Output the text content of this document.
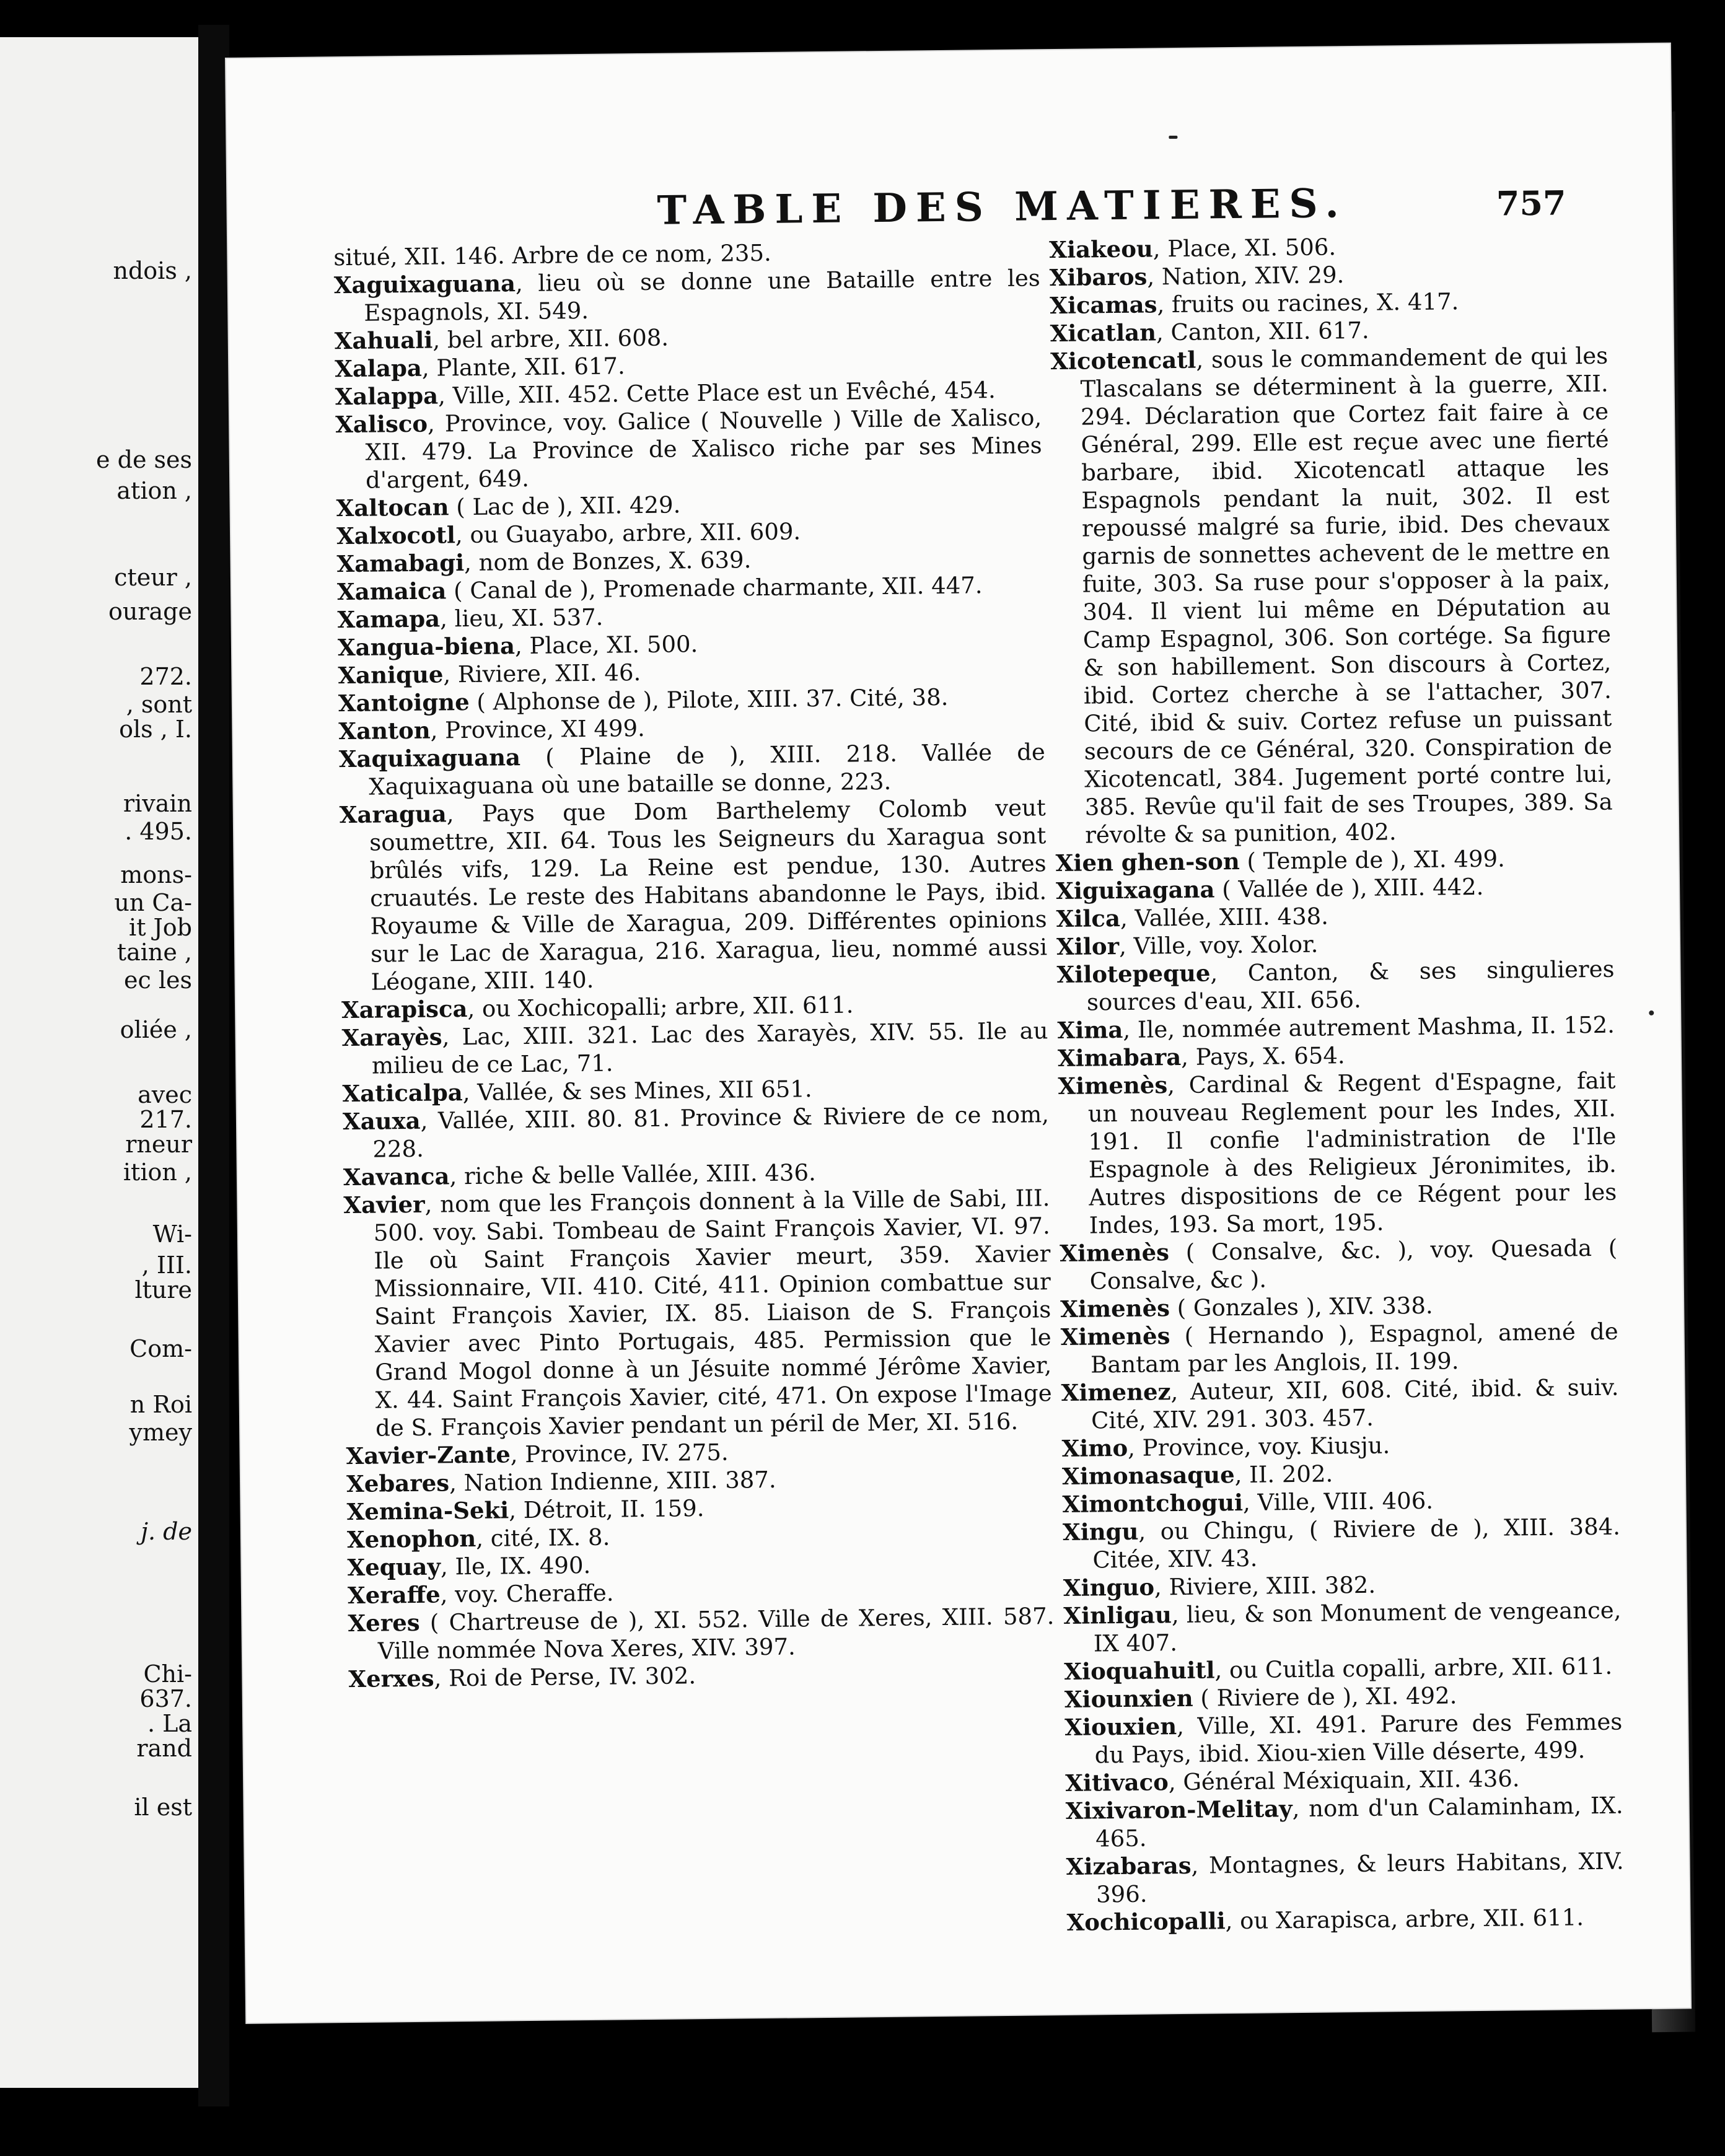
ndois ,
e de ses
ation ,
cteur ,
ourage
272.
, sont
ols , I.
rivain
. 495.
mons-
un Ca-
it Job
taine ,
ec les
oliée ,
avec
217.
rneur
ition ,
Wi-
, III.
lture
Com-
n Roi
ymey
j. de
Chi-
637.
. La
rand
il est
TABLE DES MATIERES.	757

situé, XII. 146. Arbre de ce nom, 235.

Xaguixaguana, lieu où se donne une Bataille entre les Espagnols, XI. 549.

Xahuali, bel arbre, XII. 608.

Xalapa, Plante, XII. 617.

Xalappa, Ville, XII. 452. Cette Place est un Evêché, 454.

Xalisco, Province, voy. Galice ( Nouvelle ) Ville de Xalisco, XII. 479. La Province de Xalisco riche par ses Mines d'argent, 649.

Xaltocan ( Lac de ), XII. 429.

Xalxocotl, ou Guayabo, arbre, XII. 609.

Xamabagi, nom de Bonzes, X. 639.

Xamaica ( Canal de ), Promenade charmante, XII. 447.

Xamapa, lieu, XI. 537.

Xangua-biena, Place, XI. 500.

Xanique, Riviere, XII. 46.

Xantoigne ( Alphonse de ), Pilote, XIII. 37. Cité, 38.

Xanton, Province, XI 499.

Xaquixaguana ( Plaine de ), XIII. 218. Vallée de Xaquixaguana où une bataille se donne, 223.

Xaragua, Pays que Dom Barthelemy Colomb veut soumettre, XII. 64. Tous les Seigneurs du Xaragua sont brûlés vifs, 129. La Reine est pendue, 130. Autres cruautés. Le reste des Habitans abandonne le Pays, ibid. Royaume & Ville de Xaragua, 209. Différentes opinions sur le Lac de Xaragua, 216. Xaragua, lieu, nommé aussi Léogane, XIII. 140.

Xarapisca, ou Xochicopalli; arbre, XII. 611.

Xarayès, Lac, XIII. 321. Lac des Xarayès, XIV. 55. Ile au milieu de ce Lac, 71.

Xaticalpa, Vallée, & ses Mines, XII 651.

Xauxa, Vallée, XIII. 80. 81. Province & Riviere de ce nom, 228.

Xavanca, riche & belle Vallée, XIII. 436.

Xavier, nom que les François donnent à la Ville de Sabi, III. 500. voy. Sabi. Tombeau de Saint François Xavier, VI. 97. Ile où Saint François Xavier meurt, 359. Xavier Missionnaire, VII. 410. Cité, 411. Opinion combattue sur Saint François Xavier, IX. 85. Liaison de S. François Xavier avec Pinto Portugais, 485. Permission que le Grand Mogol donne à un Jésuite nommé Jérôme Xavier, X. 44. Saint François Xavier, cité, 471. On expose l'Image de S. François Xavier pendant un péril de Mer, XI. 516.

Xavier-Zante, Province, IV. 275.

Xebares, Nation Indienne, XIII. 387.

Xemina-Seki, Détroit, II. 159.

Xenophon, cité, IX. 8.

Xequay, Ile, IX. 490.

Xeraffe, voy. Cheraffe.

Xeres ( Chartreuse de ), XI. 552. Ville de Xeres, XIII. 587. Ville nommée Nova Xeres, XIV. 397.

Xerxes, Roi de Perse, IV. 302.

Xiakeou, Place, XI. 506.

Xibaros, Nation, XIV. 29.

Xicamas, fruits ou racines, X. 417.

Xicatlan, Canton, XII. 617.

Xicotencatl, sous le commandement de qui les Tlascalans se déterminent à la guerre, XII. 294. Déclaration que Cortez fait faire à ce Général, 299. Elle est reçue avec une fierté barbare, ibid. Xicotencatl attaque les Espagnols pendant la nuit, 302. Il est repoussé malgré sa furie, ibid. Des chevaux garnis de sonnettes achevent de le mettre en fuite, 303. Sa ruse pour s'opposer à la paix, 304. Il vient lui même en Députation au Camp Espagnol, 306. Son cortége. Sa figure & son habillement. Son discours à Cortez, ibid. Cortez cherche à se l'attacher, 307. Cité, ibid & suiv. Cortez refuse un puissant secours de ce Général, 320. Conspiration de Xicotencatl, 384. Jugement porté contre lui, 385. Revûe qu'il fait de ses Troupes, 389. Sa révolte & sa punition, 402.

Xien ghen-son ( Temple de ), XI. 499.

Xiguixagana ( Vallée de ), XIII. 442.

Xilca, Vallée, XIII. 438.

Xilor, Ville, voy. Xolor.

Xilotepeque, Canton, & ses singulieres sources d'eau, XII. 656.

Xima, Ile, nommée autrement Mashma, II. 152.

Ximabara, Pays, X. 654.

Ximenès, Cardinal & Regent d'Espagne, fait un nouveau Reglement pour les Indes, XII. 191. Il confie l'administration de l'Ile Espagnole à des Religieux Jéronimites, ib. Autres dispositions de ce Régent pour les Indes, 193. Sa mort, 195.

Ximenès ( Consalve, &c. ), voy. Quesada ( Consalve, &c ).

Ximenès ( Gonzales ), XIV. 338.

Ximenès ( Hernando ), Espagnol, amené de Bantam par les Anglois, II. 199.

Ximenez, Auteur, XII, 608. Cité, ibid. & suiv. Cité, XIV. 291. 303. 457.

Ximo, Province, voy. Kiusju.

Ximonasaque, II. 202.

Ximontchogui, Ville, VIII. 406.

Xingu, ou Chingu, ( Riviere de ), XIII. 384. Citée, XIV. 43.

Xinguo, Riviere, XIII. 382.

Xinligau, lieu, & son Monument de vengeance, IX 407.

Xioquahuitl, ou Cuitla copalli, arbre, XII. 611.

Xiounxien ( Riviere de ), XI. 492.

Xiouxien, Ville, XI. 491. Parure des Femmes du Pays, ibid. Xiou-xien Ville déserte, 499.

Xitivaco, Général Méxiquain, XII. 436.

Xixivaron-Melitay, nom d'un Calaminham, IX. 465.

Xizabaras, Montagnes, & leurs Habitans, XIV. 396.

Xochicopalli, ou Xarapisca, arbre, XII. 611.
